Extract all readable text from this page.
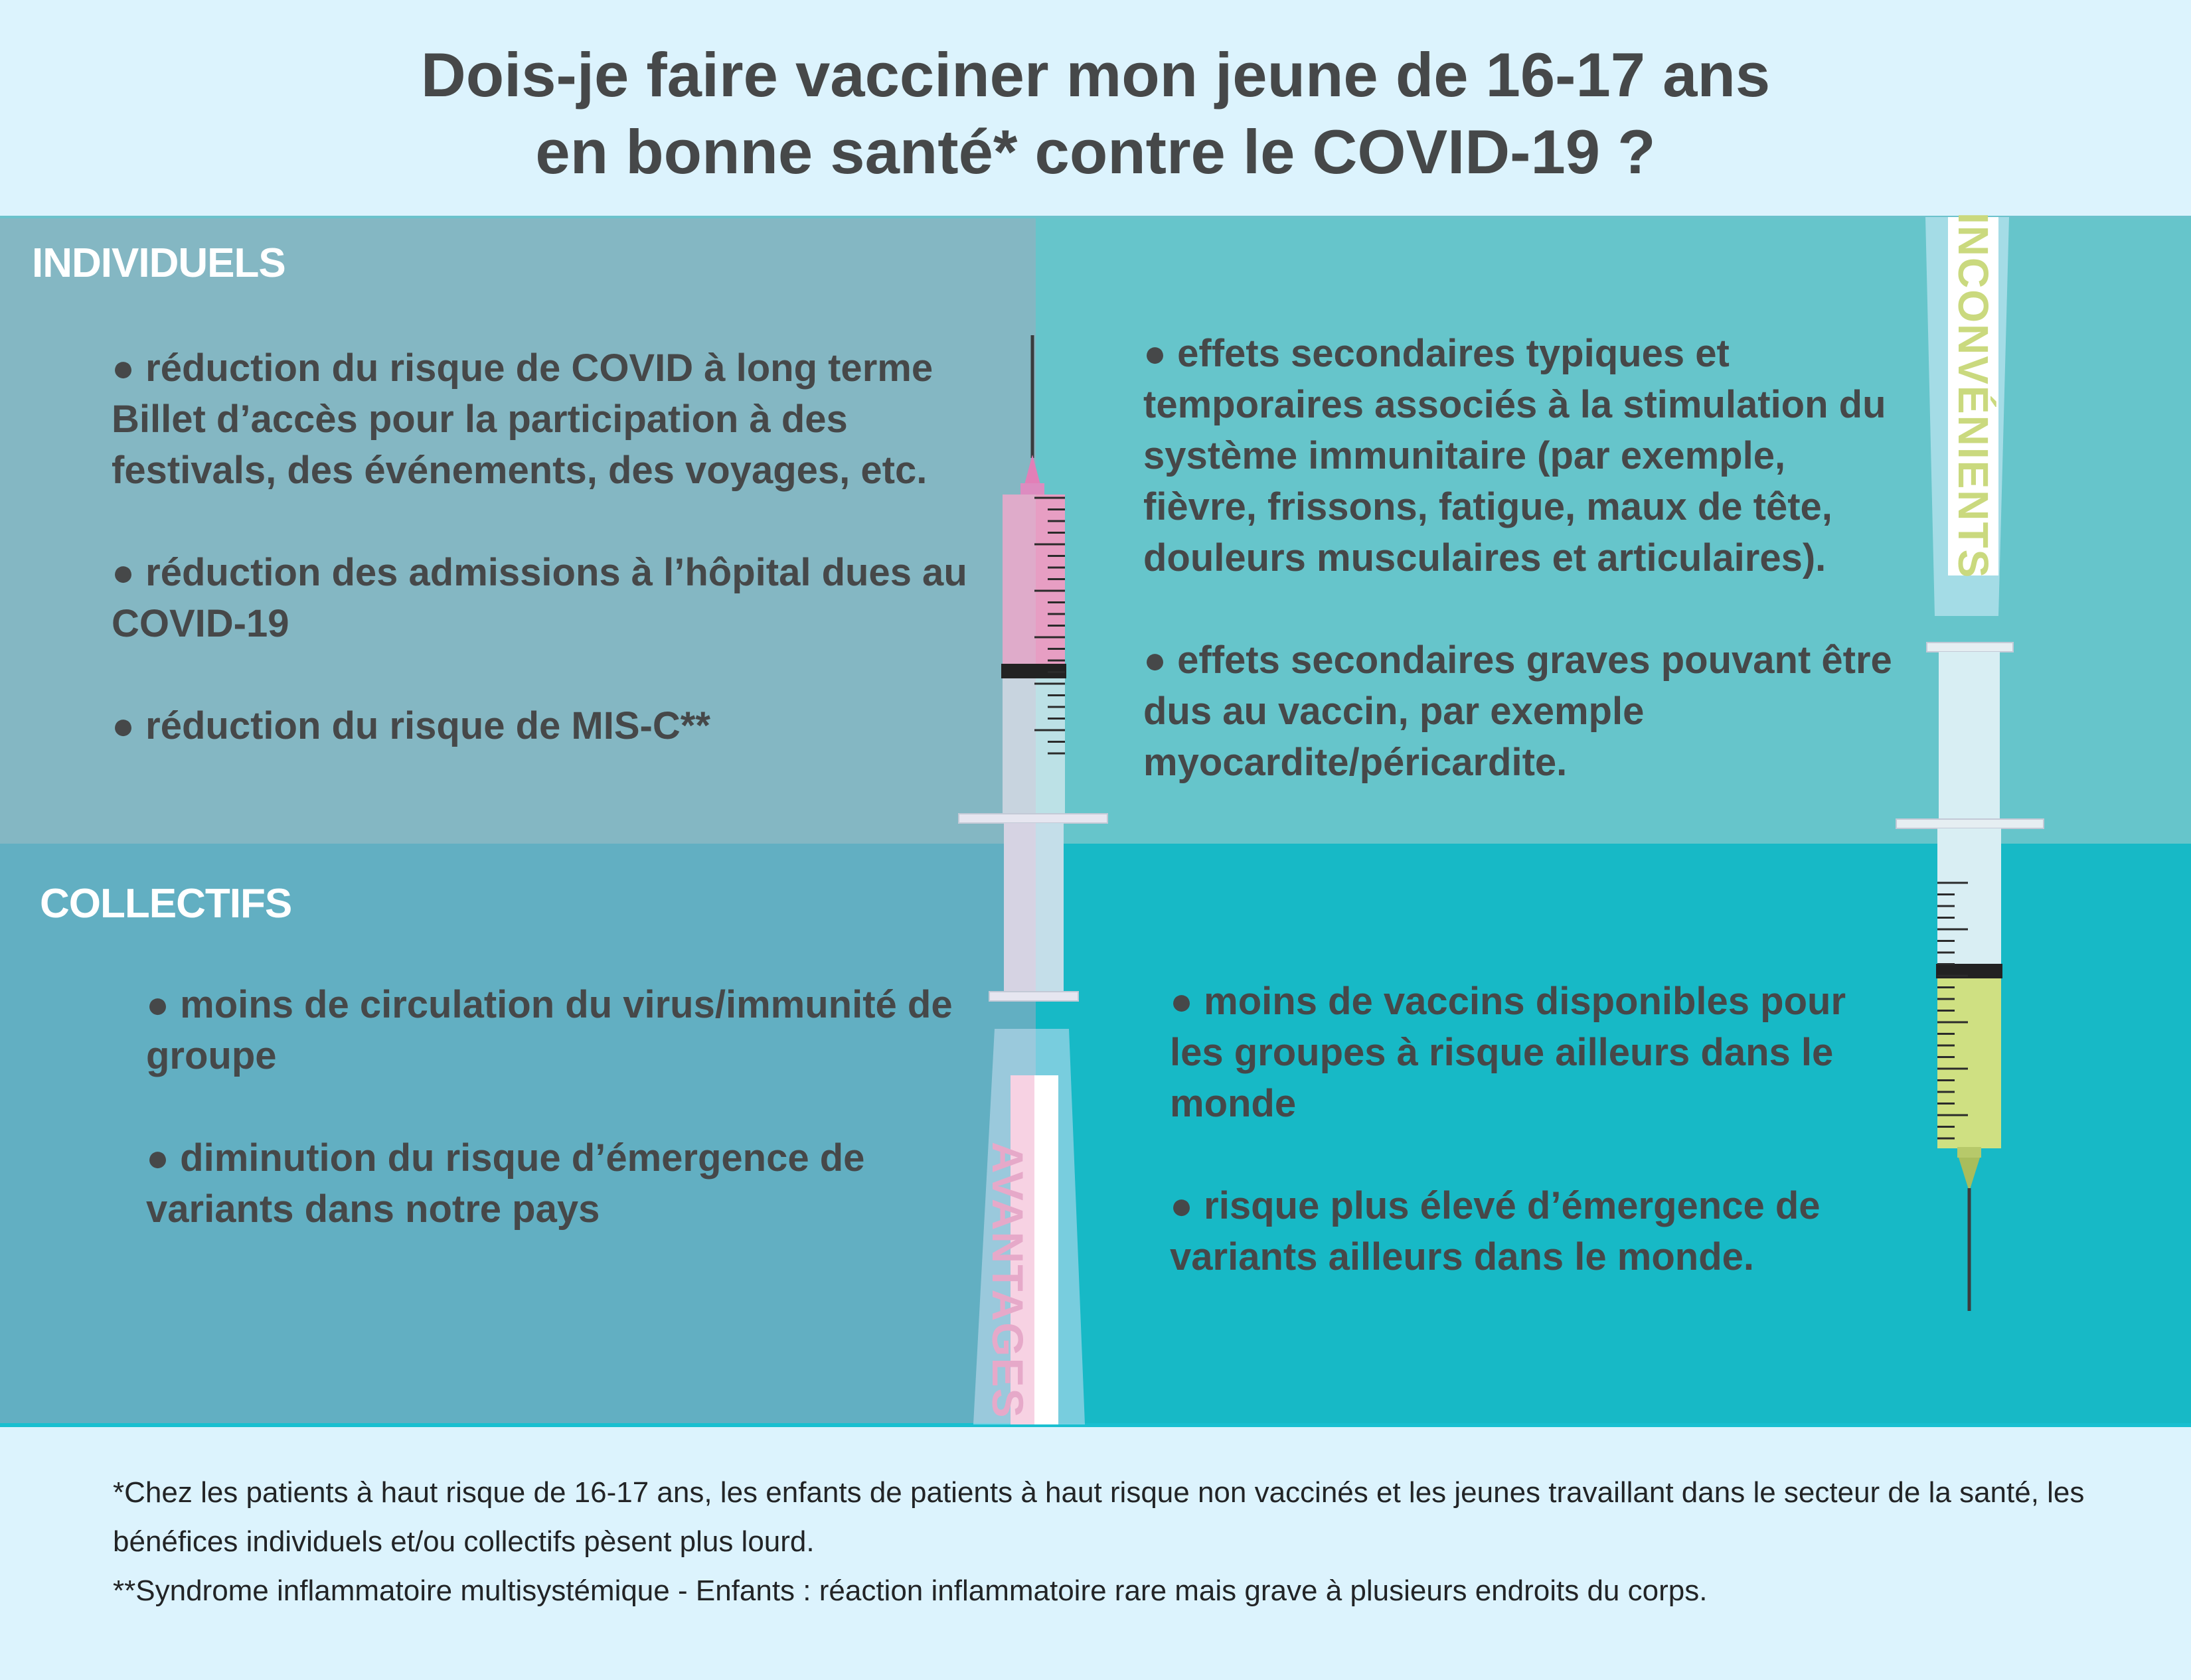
Dois-je faire vacciner mon jeune de 16-17 ans
en bonne santé* contre le COVID-19 ?
INDIVIDUELS
COLLECTIFS
● réduction du risque de COVID à long terme Billet d’accès pour la participation à des festivals, des événements, des voyages, etc.
● réduction des admissions à l’hôpital dues au COVID-19
● réduction du risque de MIS-C**
● effets secondaires typiques et temporaires associés à la stimulation du système immunitaire (par exemple, fièvre, frissons, fatigue, maux de tête, douleurs musculaires et articulaires).
● effets secondaires graves pouvant être dus au vaccin, par exemple myocardite/péricardite.
● moins de circulation du virus/immunité de groupe
● diminution du risque d’émergence de variants dans notre pays
● moins de vaccins disponibles pour les groupes à risque ailleurs dans le monde
● risque plus élevé d’émergence de variants ailleurs dans le monde.
AVANTAGES
INCONVÉNIENTS

*Chez les patients à haut risque de 16-17 ans, les enfants de patients à haut risque non vaccinés et les jeunes travaillant dans le secteur de la santé, les bénéfices individuels et/ou collectifs pèsent plus lourd.

**Syndrome inflammatoire multisystémique - Enfants : réaction inflammatoire rare mais grave à plusieurs endroits du corps.
